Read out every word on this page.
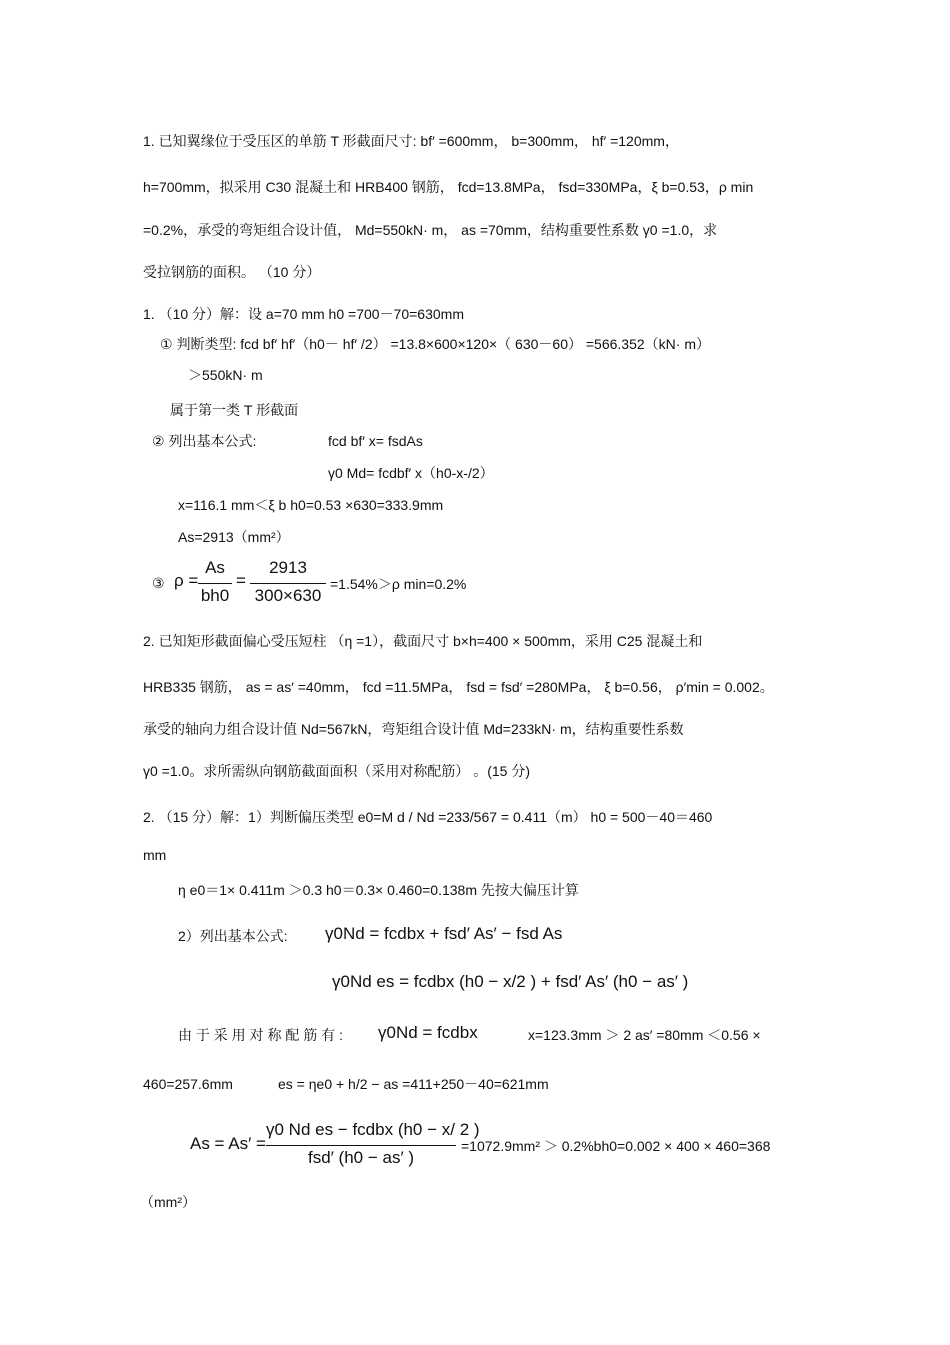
1. 已知翼缘位于受压区的单筋 T 形截面尺寸: bf′ =600mm， b=300mm， hf′ =120mm，
h=700mm，拟采用 C30 混凝土和 HRB400 钢筋， fcd=13.8MPa， fsd=330MPa，ξ b=0.53，ρ min
=0.2%，承受的弯矩组合设计值， Md=550kN· m， as =70mm，结构重要性系数 γ0 =1.0，求
受拉钢筋的面积。 （10 分）
1. （10 分）解：设 a=70 mm h0 =700－70=630mm
① 判断类型: fcd bf′ hf′（h0－ hf′ /2） =13.8×600×120×（ 630－60） =566.352（kN· m）
＞550kN· m
属于第一类 T 形截面
② 列出基本公式:	fcd bf′ x= fsdAs
γ0 Md= fcdbf′ x（h0-x-/2）
x=116.1 mm＜ξ b h0=0.53 ×630=333.9mm
As=2913（mm²）
③ ρ =
As
bh0
=
2913
300×630
=1.54%＞ρ min=0.2%
2. 已知矩形截面偏心受压短柱 （η =1），截面尺寸 b×h=400 × 500mm，采用 C25 混凝土和
HRB335 钢筋， as = as′ =40mm， fcd =11.5MPa， fsd = fsd′ =280MPa， ξ b=0.56， ρ′min = 0.002。
承受的轴向力组合设计值 Nd=567kN，弯矩组合设计值 Md=233kN· m，结构重要性系数
γ0 =1.0。求所需纵向钢筋截面面积（采用对称配筋） 。(15 分)
2. （15 分）解：1）判断偏压类型 e0=M d / Nd =233/567 = 0.411（m） h0 = 500－40＝460
mm
η e0＝1× 0.411m ＞0.3 h0＝0.3× 0.460=0.138m 先按大偏压计算
2）列出基本公式: γ0Nd = fcdbx + fsd′ As′ − fsd As
γ0Nd es = fcdbx (h0 − x/2 ) + fsd′ As′ (h0 − as′ )
由 于 采 用 对 称 配 筋 有 : γ0Nd = fcdbx	x=123.3mm ＞ 2 as′ =80mm ＜0.56 ×
460=257.6mm	es = ηe0 + h/2 − as =411+250－40=621mm
As = As′ =
γ0 Nd es − fcdbx (h0 − x/ 2 )
fsd′ (h0 − as′ )
=1072.9mm² ＞ 0.2%bh0=0.002 × 400 × 460=368
（mm²）
